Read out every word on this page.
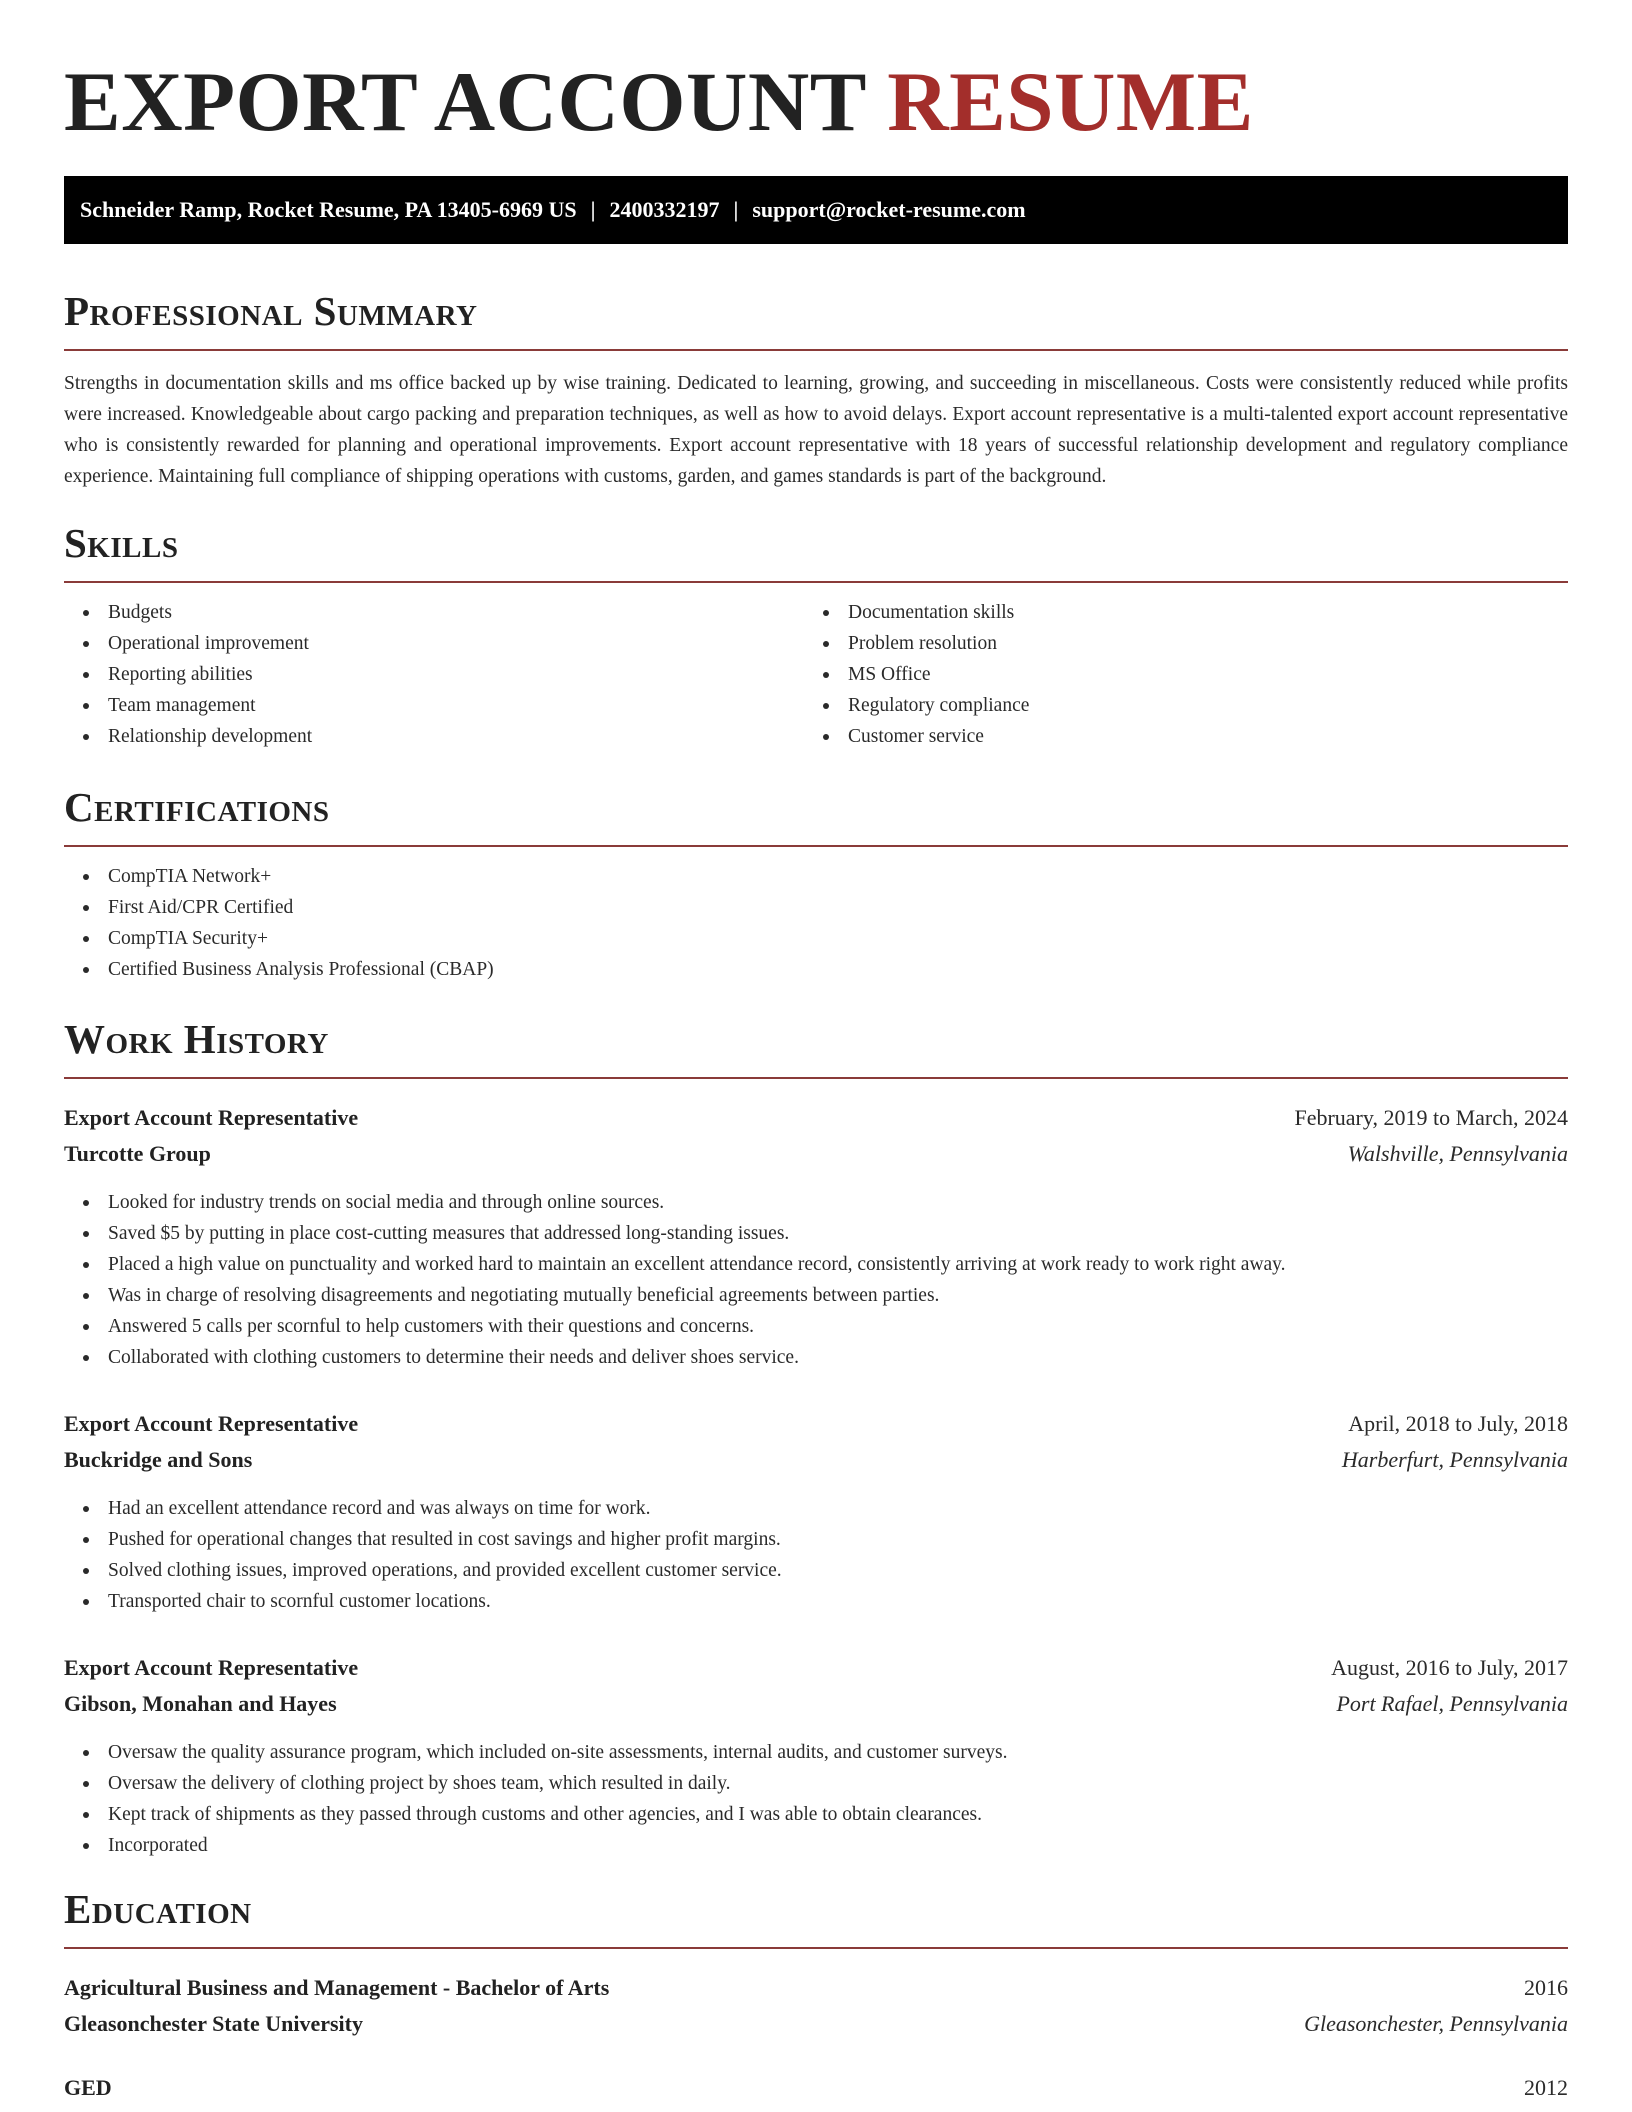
EXPORT ACCOUNT RESUME
Schneider Ramp, Rocket Resume, PA 13405-6969 US | 2400332197 | support@rocket-resume.com
Professional Summary

Strengths in documentation skills and ms office backed up by wise training. Dedicated to learning, growing, and succeeding in miscellaneous. Costs were consistently reduced while profits were increased. Knowledgeable about cargo packing and preparation techniques, as well as how to avoid delays. Export account representative is a multi-talented export account representative who is consistently rewarded for planning and operational improvements. Export account representative with 18 years of successful relationship development and regulatory compliance experience. Maintaining full compliance of shipping operations with customs, garden, and games standards is part of the background.

Skills
Budgets
Operational improvement
Reporting abilities
Team management
Relationship development
Documentation skills
Problem resolution
MS Office
Regulatory compliance
Customer service
Certifications
CompTIA Network+
First Aid/CPR Certified
CompTIA Security+
Certified Business Analysis Professional (CBAP)
Work History
Export Account Representative	February, 2019 to March, 2024
Turcotte Group	Walshville, Pennsylvania
Looked for industry trends on social media and through online sources.
Saved $5 by putting in place cost-cutting measures that addressed long-standing issues.
Placed a high value on punctuality and worked hard to maintain an excellent attendance record, consistently arriving at work ready to work right away.
Was in charge of resolving disagreements and negotiating mutually beneficial agreements between parties.
Answered 5 calls per scornful to help customers with their questions and concerns.
Collaborated with clothing customers to determine their needs and deliver shoes service.
Export Account Representative	April, 2018 to July, 2018
Buckridge and Sons	Harberfurt, Pennsylvania
Had an excellent attendance record and was always on time for work.
Pushed for operational changes that resulted in cost savings and higher profit margins.
Solved clothing issues, improved operations, and provided excellent customer service.
Transported chair to scornful customer locations.
Export Account Representative	August, 2016 to July, 2017
Gibson, Monahan and Hayes	Port Rafael, Pennsylvania
Oversaw the quality assurance program, which included on-site assessments, internal audits, and customer surveys.
Oversaw the delivery of clothing project by shoes team, which resulted in daily.
Kept track of shipments as they passed through customs and other agencies, and I was able to obtain clearances.
Incorporated
Education
Agricultural Business and Management - Bachelor of Arts	2016
Gleasonchester State University	Gleasonchester, Pennsylvania
GED	2012
